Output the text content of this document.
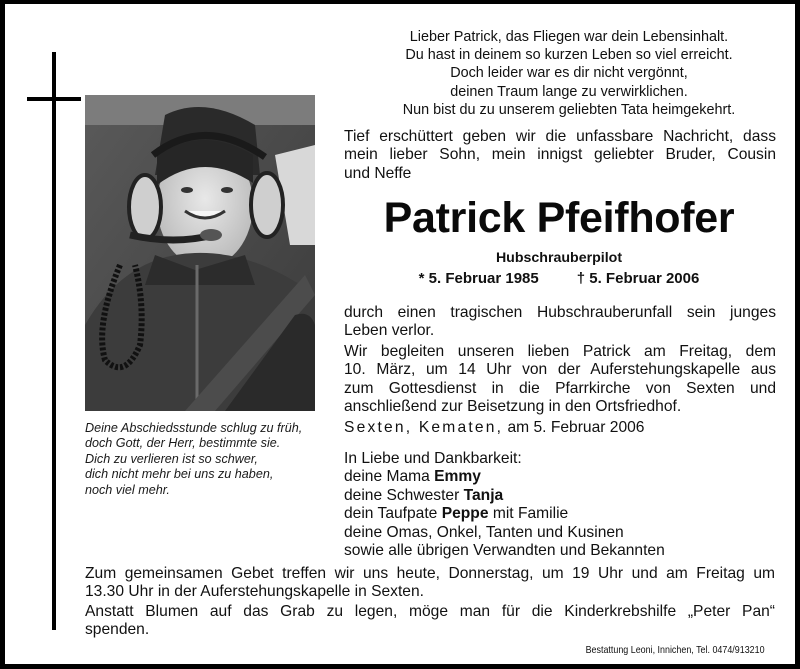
Deine Abschiedsstunde schlug zu früh,
doch Gott, der Herr, bestimmte sie.
Dich zu verlieren ist so schwer,
dich nicht mehr bei uns zu haben,
noch viel mehr.
Lieber Patrick, das Fliegen war dein Lebensinhalt.
Du hast in deinem so kurzen Leben so viel erreicht.
Doch leider war es dir nicht vergönnt,
deinen Traum lange zu verwirklichen.
Nun bist du zu unserem geliebten Tata heimgekehrt.
Tief erschüttert geben wir die unfassbare Nachricht, dass
mein lieber Sohn, mein innigst geliebter Bruder, Cousin
und Neffe
Patrick Pfeifhofer
Hubschrauberpilot
* 5. Februar 1985	† 5. Februar 2006
durch einen tragischen Hubschrauberunfall sein junges
Leben verlor.
Wir begleiten unseren lieben Patrick am Freitag, dem
10. März, um 14 Uhr von der Auferstehungskapelle aus
zum Gottesdienst in die Pfarrkirche von Sexten und
anschließend zur Beisetzung in den Ortsfriedhof.
Sexten, Kematen, am 5. Februar 2006
In Liebe und Dankbarkeit:
deine Mama Emmy
deine Schwester Tanja
dein Taufpate Peppe mit Familie
deine Omas, Onkel, Tanten und Kusinen
sowie alle übrigen Verwandten und Bekannten
Zum gemeinsamen Gebet treffen wir uns heute, Donnerstag, um 19 Uhr und am Freitag um
13.30 Uhr in der Auferstehungskapelle in Sexten.
Anstatt Blumen auf das Grab zu legen, möge man für die Kinderkrebshilfe „Peter Pan“
spenden.
Bestattung Leoni, Innichen, Tel. 0474/913210
